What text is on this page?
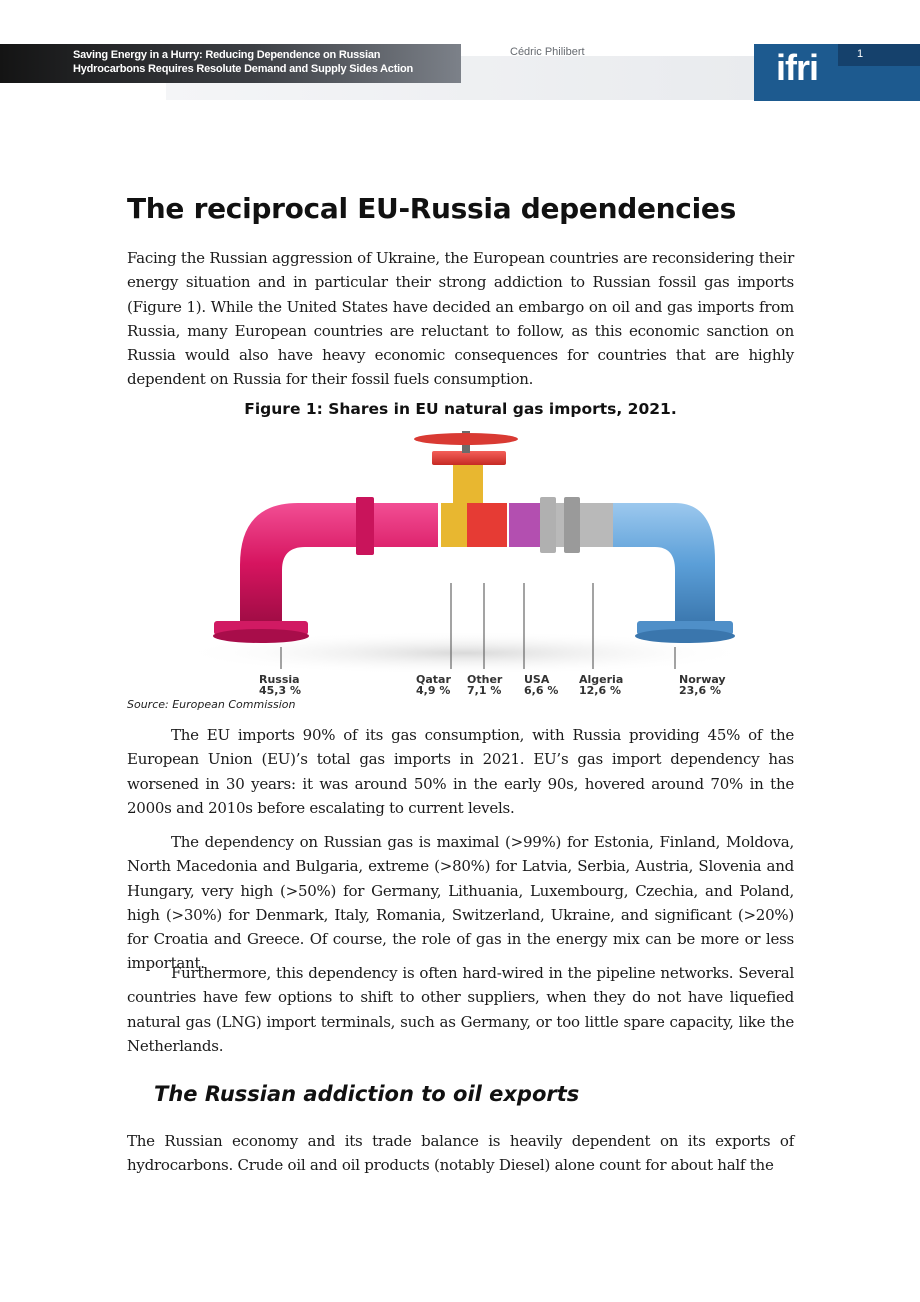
Saving Energy in a Hurry: Reducing Dependence on Russian
Hydrocarbons Requires Resolute Demand and Supply Sides Action
Cédric Philibert	ifri	1
The reciprocal EU-Russia dependencies

Facing the Russian aggression of Ukraine, the European countries are reconsidering their energy situation and in particular their strong addiction to Russian fossil gas imports (Figure 1). While the United States have decided an embargo on oil and gas imports from Russia, many European countries are reluctant to follow, as this economic sanction on Russia would also have heavy economic consequences for countries that are highly dependent on Russia for their fossil fuels consumption.

Figure 1: Shares in EU natural gas imports, 2021.

Russia
45,3 %
Qatar
4,9 %
Other
7,1 %
USA
6,6 %
Algeria
12,6 %
Norway
23,6 %
Source: European Commission

The EU imports 90% of its gas consumption, with Russia providing 45% of the European Union (EU)’s total gas imports in 2021. EU’s gas import dependency has worsened in 30 years: it was around 50% in the early 90s, hovered around 70% in the 2000s and 2010s before escalating to current levels.

The dependency on Russian gas is maximal (>99%) for Estonia, Finland, Moldova, North Macedonia and Bulgaria, extreme (>80%) for Latvia, Serbia, Austria, Slovenia and Hungary, very high (>50%) for Germany, Lithuania, Luxembourg, Czechia, and Poland, high (>30%) for Denmark, Italy, Romania, Switzerland, Ukraine, and significant (>20%) for Croatia and Greece. Of course, the role of gas in the energy mix can be more or less important.

Furthermore, this dependency is often hard-wired in the pipeline networks. Several countries have few options to shift to other suppliers, when they do not have liquefied natural gas (LNG) import terminals, such as Germany, or too little spare capacity, like the Netherlands.

The Russian addiction to oil exports

The Russian economy and its trade balance is heavily dependent on its exports of hydrocarbons. Crude oil and oil products (notably Diesel) alone count for about half the
